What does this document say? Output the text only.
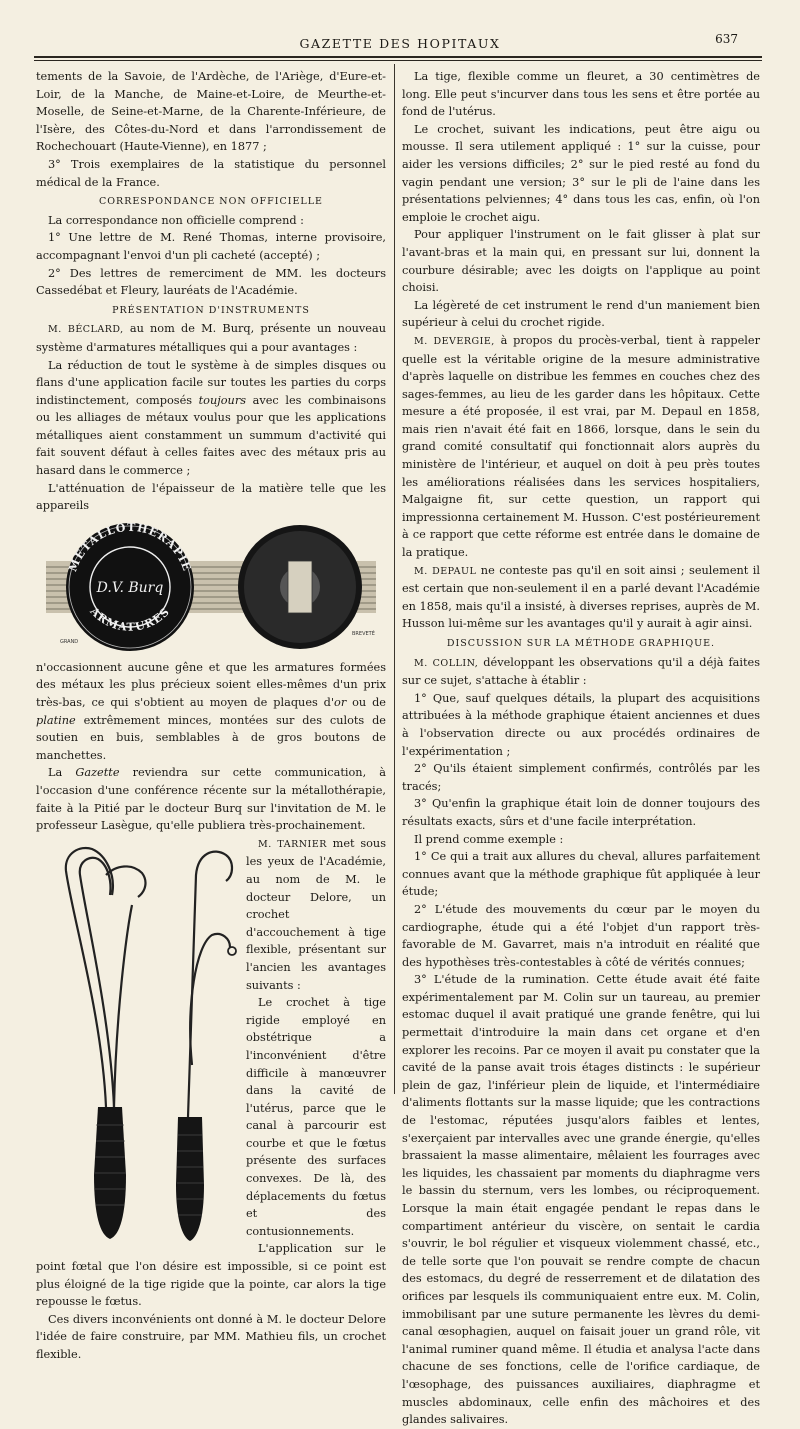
GAZETTE DES HOPITAUX	637

tements de la Savoie, de l'Ardèche, de l'Ariège, d'Eure-et-Loir, de la Manche, de Maine-et-Loire, de Meurthe-et-Moselle, de Seine-et-Marne, de la Charente-Inférieure, de l'Isère, des Côtes-du-Nord et dans l'arrondissement de Rochechouart (Haute-Vienne), en 1877 ;

3° Trois exemplaires de la statistique du personnel médical de la France.

CORRESPONDANCE NON OFFICIELLE

La correspondance non officielle comprend :

1° Une lettre de M. René Thomas, interne provisoire, accompagnant l'envoi d'un pli cacheté (accepté) ;

2° Des lettres de remerciment de MM. les docteurs Cassedébat et Fleury, lauréats de l'Académie.

PRÉSENTATION D'INSTRUMENTS

M. BÉCLARD, au nom de M. Burq, présente un nouveau système d'armatures métalliques qui a pour avantages :

La réduction de tout le système à de simples disques ou flans d'une application facile sur toutes les parties du corps indistinctement, composés toujours avec les combinaisons ou les alliages de métaux voulus pour que les applications métalliques aient constamment un summum d'activité qui fait souvent défaut à celles faites avec des métaux pris au hasard dans le commerce ;

L'atténuation de l'épaisseur de la matière telle que les appareils

METALLOTHERAPIE
ARMATURES
D.V. Burq
GRAND
BREVETÉ

n'occasionnent aucune gêne et que les armatures formées des métaux les plus précieux soient elles-mêmes d'un prix très-bas, ce qui s'obtient au moyen de plaques d'or ou de platine extrêmement minces, montées sur des culots de soutien en buis, semblables à de gros boutons de manchettes.

La Gazette reviendra sur cette communication, à l'occasion d'une conférence récente sur la métallothérapie, faite à la Pitié par le docteur Burq sur l'invitation de M. le professeur Lasègue, qu'elle publiera très-prochainement.

M. TARNIER met sous les yeux de l'Académie, au nom de M. le docteur Delore, un crochet d'accouchement à tige flexible, présentant sur l'ancien les avantages suivants :

Le crochet à tige rigide employé en obstétrique a l'inconvénient d'être difficile à manœuvrer dans la cavité de l'utérus, parce que le canal à parcourir est courbe et que le fœtus présente des surfaces convexes. De là, des déplacements du fœtus et des contusionnements.

L'application sur le point fœtal que l'on désire est impossible, si ce point est plus éloigné de la tige rigide que la pointe, car alors la tige repousse le fœtus.

Ces divers inconvénients ont donné à M. le docteur Delore l'idée de faire construire, par MM. Mathieu fils, un crochet flexible.

La tige, flexible comme un fleuret, a 30 centimètres de long. Elle peut s'incurver dans tous les sens et être portée au fond de l'utérus.

Le crochet, suivant les indications, peut être aigu ou mousse. Il sera utilement appliqué : 1° sur la cuisse, pour aider les versions difficiles; 2° sur le pied resté au fond du vagin pendant une version; 3° sur le pli de l'aine dans les présentations pelviennes; 4° dans tous les cas, enfin, où l'on emploie le crochet aigu.

Pour appliquer l'instrument on le fait glisser à plat sur l'avant-bras et la main qui, en pressant sur lui, donnent la courbure désirable; avec les doigts on l'applique au point choisi.

La légèreté de cet instrument le rend d'un maniement bien supérieur à celui du crochet rigide.

M. DEVERGIE, à propos du procès-verbal, tient à rappeler quelle est la véritable origine de la mesure administrative d'après laquelle on distribue les femmes en couches chez des sages-femmes, au lieu de les garder dans les hôpitaux. Cette mesure a été proposée, il est vrai, par M. Depaul en 1858, mais rien n'avait été fait en 1866, lorsque, dans le sein du grand comité consultatif qui fonctionnait alors auprès du ministère de l'intérieur, et auquel on doit à peu près toutes les améliorations réalisées dans les services hospitaliers, Malgaigne fit, sur cette question, un rapport qui impressionna certainement M. Husson. C'est postérieurement à ce rapport que cette réforme est entrée dans le domaine de la pratique.

M. DEPAUL ne conteste pas qu'il en soit ainsi ; seulement il est certain que non-seulement il en a parlé devant l'Académie en 1858, mais qu'il a insisté, à diverses reprises, auprès de M. Husson lui-même sur les avantages qu'il y aurait à agir ainsi.

DISCUSSION SUR LA MÉTHODE GRAPHIQUE.

M. COLLIN, développant les observations qu'il a déjà faites sur ce sujet, s'attache à établir :

1° Que, sauf quelques détails, la plupart des acquisitions attribuées à la méthode graphique étaient anciennes et dues à l'observation directe ou aux procédés ordinaires de l'expérimentation ;

2° Qu'ils étaient simplement confirmés, contrôlés par les tracés;

3° Qu'enfin la graphique était loin de donner toujours des résultats exacts, sûrs et d'une facile interprétation.

Il prend comme exemple :

1° Ce qui a trait aux allures du cheval, allures parfaitement connues avant que la méthode graphique fût appliquée à leur étude;

2° L'étude des mouvements du cœur par le moyen du cardiographe, étude qui a été l'objet d'un rapport très-favorable de M. Gavarret, mais n'a introduit en réalité que des hypothèses très-contestables à côté de vérités connues;

3° L'étude de la rumination. Cette étude avait été faite expérimentalement par M. Colin sur un taureau, au premier estomac duquel il avait pratiqué une grande fenêtre, qui lui permettait d'introduire la main dans cet organe et d'en explorer les recoins. Par ce moyen il avait pu constater que la cavité de la panse avait trois étages distincts : le supérieur plein de gaz, l'inférieur plein de liquide, et l'intermédiaire d'aliments flottants sur la masse liquide; que les contractions de l'estomac, réputées jusqu'alors faibles et lentes, s'exerçaient par intervalles avec une grande énergie, qu'elles brassaient la masse alimentaire, mêlaient les fourrages avec les liquides, les chassaient par moments du diaphragme vers le bassin du sternum, vers les lombes, ou réciproquement. Lorsque la main était engagée pendant le repas dans le compartiment antérieur du viscère, on sentait le cardia s'ouvrir, le bol régulier et visqueux violemment chassé, etc., de telle sorte que l'on pouvait se rendre compte de chacun des estomacs, du degré de resserrement et de dilatation des orifices par lesquels ils communiquaient entre eux. M. Colin, immobilisant par une suture permanente les lèvres du demi-canal œsophagien, auquel on faisait jouer un grand rôle, vit l'animal ruminer quand même. Il étudia et analysa l'acte dans chacune de ses fonctions, celle de l'orifice cardiaque, de l'œsophage, des puissances auxiliaires, diaphragme et muscles abdominaux, celle enfin des mâchoires et des glandes salivaires.
